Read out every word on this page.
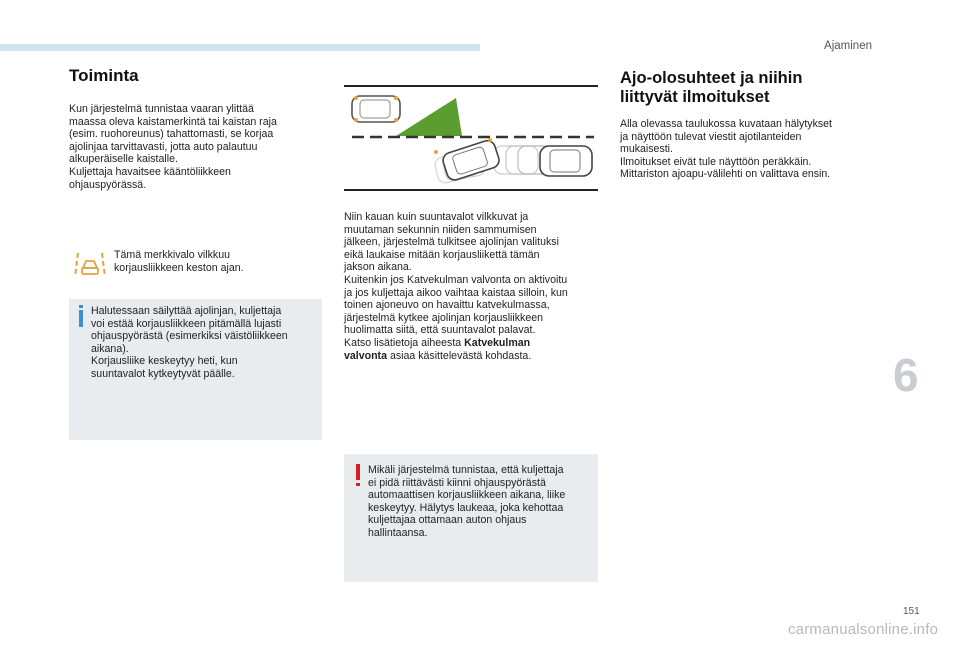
Ajaminen
Toiminta

Kun järjestelmä tunnistaa vaaran ylittää

maassa oleva kaistamerkintä tai kaistan raja

(esim. ruohoreunus) tahattomasti, se korjaa

ajolinjaa tarvittavasti, jotta auto palautuu

alkuperäiselle kaistalle.

Kuljettaja havaitsee kääntöliikkeen

ohjauspyörässä.

Tämä merkkivalo vilkkuu

korjausliikkeen keston ajan.

Halutessaan säilyttää ajolinjan, kuljettaja

voi estää korjausliikkeen pitämällä lujasti

ohjauspyörästä (esimerkiksi väistöliikkeen

aikana).

Korjausliike keskeytyy heti, kun

suuntavalot kytkeytyvät päälle.

Niin kauan kuin suuntavalot vilkkuvat ja

muutaman sekunnin niiden sammumisen

jälkeen, järjestelmä tulkitsee ajolinjan valituksi

eikä laukaise mitään korjausliikettä tämän

jakson aikana.

Kuitenkin jos Katvekulman valvonta on aktivoitu

ja jos kuljettaja aikoo vaihtaa kaistaa silloin, kun

toinen ajoneuvo on havaittu katvekulmassa,

järjestelmä kytkee ajolinjan korjausliikkeen

huolimatta siitä, että suuntavalot palavat.

Katso lisätietoja aiheesta Katvekulman

valvonta asiaa käsittelevästä kohdasta.

Mikäli järjestelmä tunnistaa, että kuljettaja

ei pidä riittävästi kiinni ohjauspyörästä

automaattisen korjausliikkeen aikana, liike

keskeytyy. Hälytys laukeaa, joka kehottaa

kuljettajaa ottamaan auton ohjaus

hallintaansa.

Ajo-olosuhteet ja niihin
liittyvät ilmoitukset

Alla olevassa taulukossa kuvataan hälytykset

ja näyttöön tulevat viestit ajotilanteiden

mukaisesti.

Ilmoitukset eivät tule näyttöön peräkkäin.

Mittariston ajoapu-välilehti on valittava ensin.

6
151
carmanualsonline.info
